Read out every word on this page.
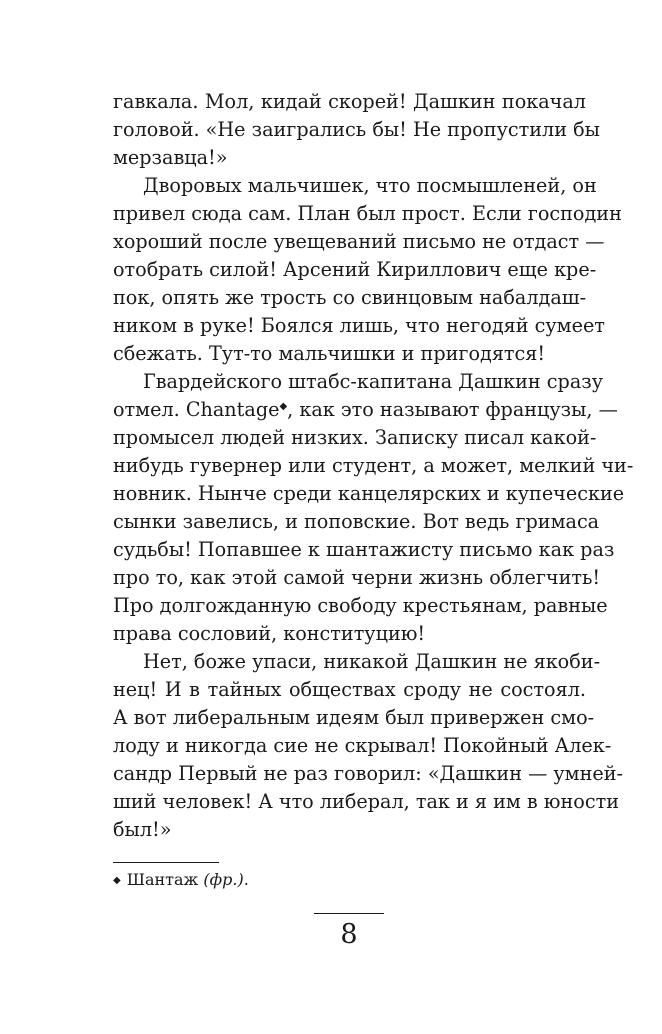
гавкала. Мол, кидай скорей! Дашкин покачал
головой. «Не заигрались бы! Не пропустили бы
мерзавца!»
Дворовых мальчишек, что посмышленей, он
привел сюда сам. План был прост. Если господин
хороший после увещеваний письмо не отдаст —
отобрать силой! Арсений Кириллович еще кре-
пок, опять же трость со свинцовым набалдаш-
ником в руке! Боялся лишь, что негодяй сумеет
сбежать. Тут-то мальчишки и пригодятся!
Гвардейского штабс-капитана Дашкин сразу
отмел. Chantage◆, как это называют французы, —
промысел людей низких. Записку писал какой-
нибудь гувернер или студент, а может, мелкий чи-
новник. Нынче среди канцелярских и купеческие
сынки завелись, и поповские. Вот ведь гримаса
судьбы! Попавшее к шантажисту письмо как раз
про то, как этой самой черни жизнь облегчить!
Про долгожданную свободу крестьянам, равные
права сословий, конституцию!
Нет, боже упаси, никакой Дашкин не якоби-
нец! И в тайных обществах сроду не состоял.
А вот либеральным идеям был привержен смо-
лоду и никогда сие не скрывал! Покойный Алек-
сандр Первый не раз говорил: «Дашкин — умней-
ший человек! А что либерал, так и я им в юности
был!»
◆ Шантаж (фр.).
8
